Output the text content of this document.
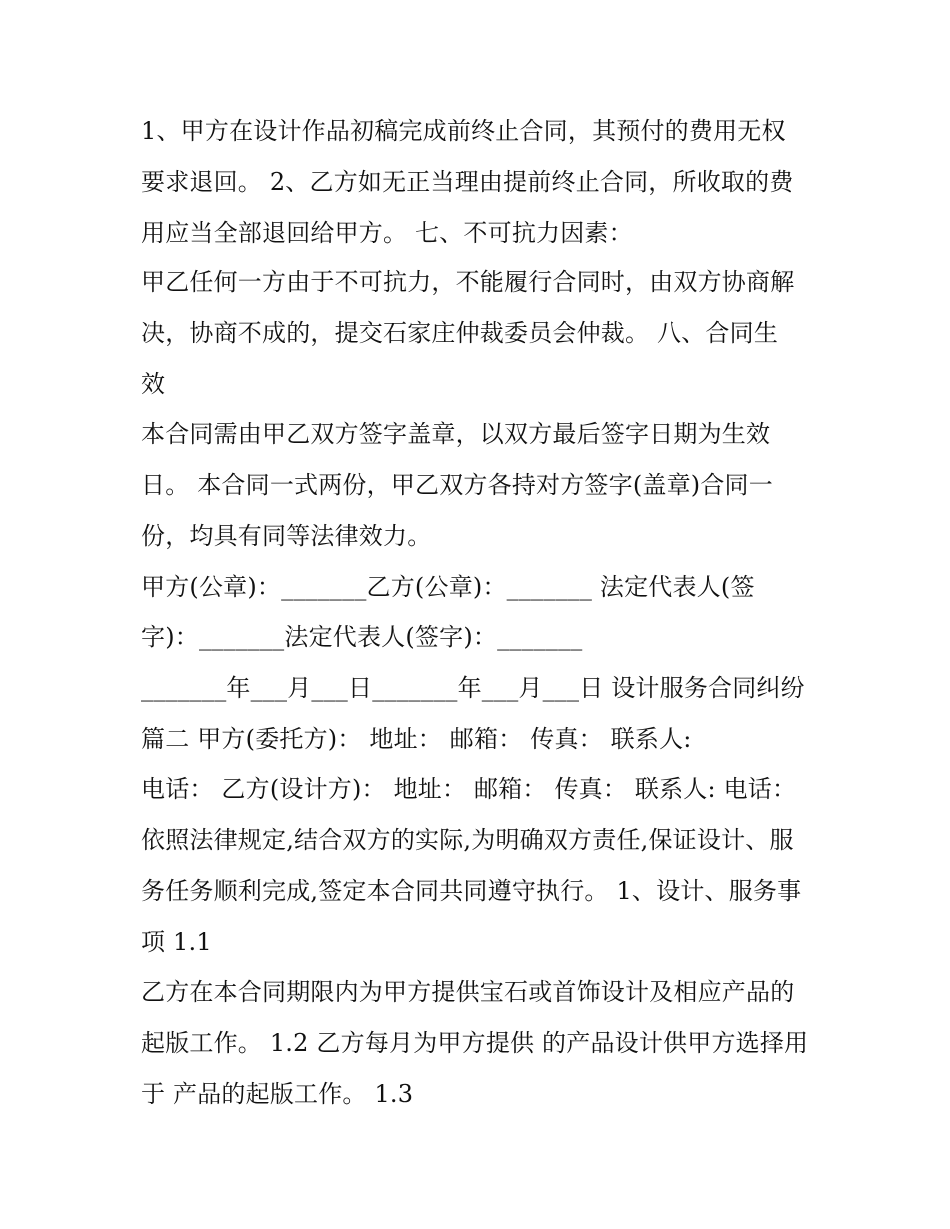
1、甲方在设计作品初稿完成前终止合同，其预付的费用无权
要求退回。 2、乙方如无正当理由提前终止合同，所收取的费
用应当全部退回给甲方。 七、不可抗力因素：
甲乙任何一方由于不可抗力，不能履行合同时，由双方协商解
决，协商不成的，提交石家庄仲裁委员会仲裁。 八、合同生
效
本合同需由甲乙双方签字盖章，以双方最后签字日期为生效
日。 本合同一式两份，甲乙双方各持对方签字(盖章)合同一
份，均具有同等法律效力。
甲方(公章)：_______乙方(公章)：_______ 法定代表人(签
字)：_______法定代表人(签字)：_______
_______年___月___日_______年___月___日 设计服务合同纠纷
篇二 甲方(委托方)： 地址： 邮箱： 传真： 联系人:
电话： 乙方(设计方)： 地址： 邮箱： 传真： 联系人: 电话：
依照法律规定,结合双方的实际,为明确双方责任,保证设计、服
务任务顺利完成,签定本合同共同遵守执行。 1、设计、服务事
项 1.1
乙方在本合同期限内为甲方提供宝石或首饰设计及相应产品的
起版工作。 1.2 乙方每月为甲方提供 的产品设计供甲方选择用
于 产品的起版工作。 1.3
